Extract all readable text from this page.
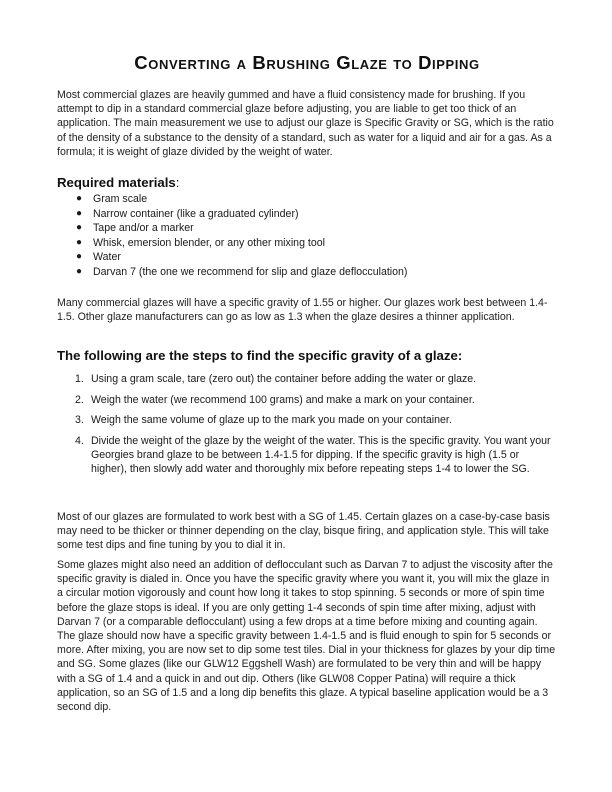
Converting a Brushing Glaze to Dipping

Most commercial glazes are heavily gummed and have a fluid consistency made for brushing. If you attempt to dip in a standard commercial glaze before adjusting, you are liable to get too thick of an application. The main measurement we use to adjust our glaze is Specific Gravity or SG, which is the ratio of the density of a substance to the density of a standard, such as water for a liquid and air for a gas. As a formula; it is weight of glaze divided by the weight of water.

Required materials:
● Gram scale
● Narrow container (like a graduated cylinder)
● Tape and/or a marker
● Whisk, emersion blender, or any other mixing tool
● Water
● Darvan 7 (the one we recommend for slip and glaze deflocculation)

Many commercial glazes will have a specific gravity of 1.55 or higher. Our glazes work best between 1.4-1.5. Other glaze manufacturers can go as low as 1.3 when the glaze desires a thinner application.

The following are the steps to find the specific gravity of a glaze:
1. Using a gram scale, tare (zero out) the container before adding the water or glaze.
2. Weigh the water (we recommend 100 grams) and make a mark on your container.
3. Weigh the same volume of glaze up to the mark you made on your container.
4. Divide the weight of the glaze by the weight of the water. This is the specific gravity. You want your Georgies brand glaze to be between 1.4-1.5 for dipping. If the specific gravity is high (1.5 or higher), then slowly add water and thoroughly mix before repeating steps 1-4 to lower the SG.

Most of our glazes are formulated to work best with a SG of 1.45. Certain glazes on a case-by-case basis may need to be thicker or thinner depending on the clay, bisque firing, and application style. This will take some test dips and fine tuning by you to dial it in.

Some glazes might also need an addition of deflocculant such as Darvan 7 to adjust the viscosity after the specific gravity is dialed in. Once you have the specific gravity where you want it, you will mix the glaze in a circular motion vigorously and count how long it takes to stop spinning. 5 seconds or more of spin time before the glaze stops is ideal. If you are only getting 1-4 seconds of spin time after mixing, adjust with Darvan 7 (or a comparable deflocculant) using a few drops at a time before mixing and counting again. The glaze should now have a specific gravity between 1.4-1.5 and is fluid enough to spin for 5 seconds or more. After mixing, you are now set to dip some test tiles. Dial in your thickness for glazes by your dip time and SG. Some glazes (like our GLW12 Eggshell Wash) are formulated to be very thin and will be happy with a SG of 1.4 and a quick in and out dip. Others (like GLW08 Copper Patina) will require a thick application, so an SG of 1.5 and a long dip benefits this glaze. A typical baseline application would be a 3 second dip.
